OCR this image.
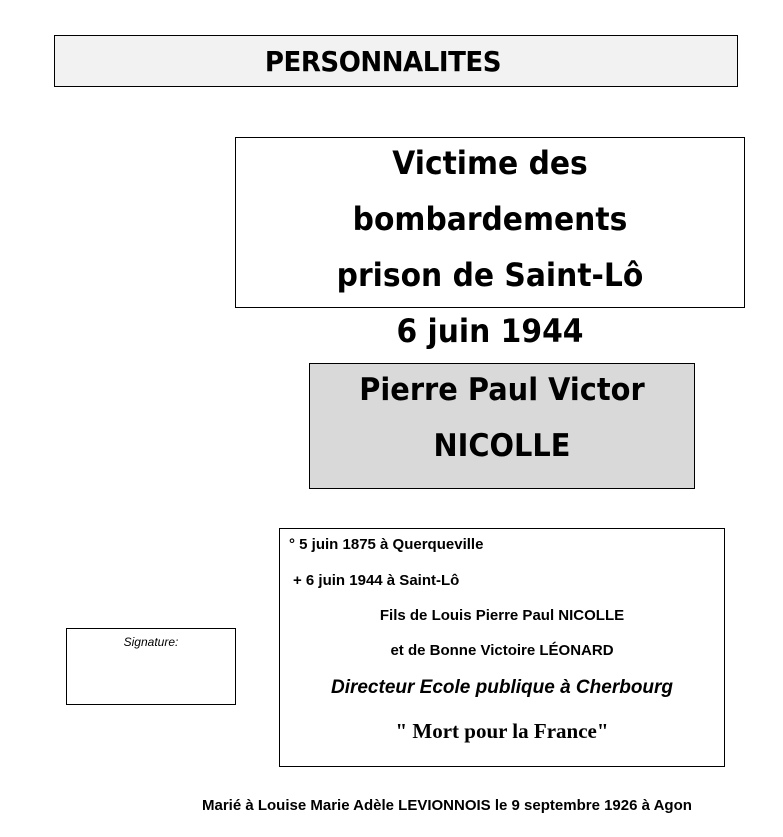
PERSONNALITES
Victime des bombardements
prison de Saint-Lô
6 juin 1944
Pierre Paul Victor
NICOLLE
° 5 juin 1875 à Querqueville
+ 6 juin 1944 à Saint-Lô
Fils de Louis Pierre Paul NICOLLE
et de Bonne Victoire LÉONARD
Directeur Ecole publique à Cherbourg
" Mort pour la France"
Signature:
Marié à Louise Marie Adèle LEVIONNOIS le 9 septembre 1926 à Agon
